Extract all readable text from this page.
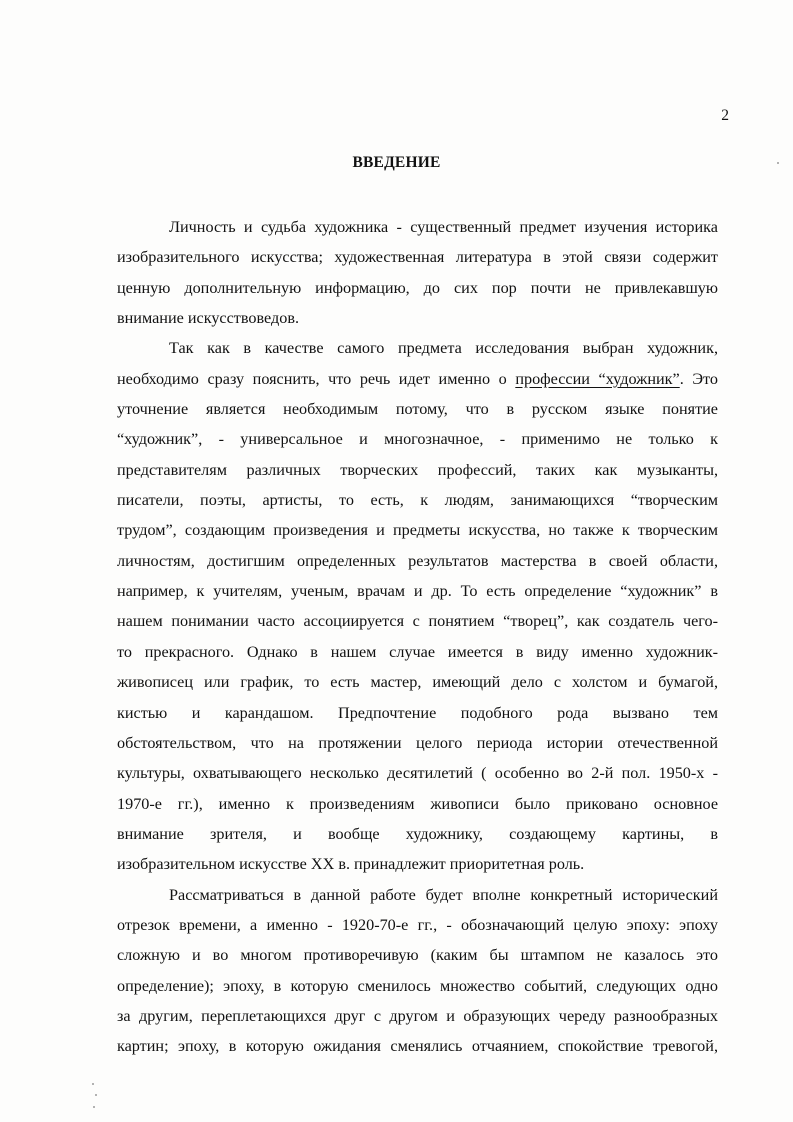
2
ВВЕДЕНИЕ
Личность и судьба художника - существенный предмет изучения историка
изобразительного искусства; художественная литература в этой связи содержит
ценную дополнительную информацию, до сих пор почти не привлекавшую
внимание искусствоведов.
Так как в качестве самого предмета исследования выбран художник,
необходимо сразу пояснить, что речь идет именно о профессии “художник”. Это
уточнение является необходимым потому, что в русском языке понятие
“художник”, - универсальное и многозначное, - применимо не только к
представителям различных творческих профессий, таких как музыканты,
писатели, поэты, артисты, то есть, к людям, занимающихся “творческим
трудом”, создающим произведения и предметы искусства, но также к творческим
личностям, достигшим определенных результатов мастерства в своей области,
например, к учителям, ученым, врачам и др. То есть определение “художник” в
нашем понимании часто ассоциируется с понятием “творец”, как создатель чего-
то прекрасного. Однако в нашем случае имеется в виду именно художник-
живописец или график, то есть мастер, имеющий дело с холстом и бумагой,
кистью и карандашом. Предпочтение подобного рода вызвано тем
обстоятельством, что на протяжении целого периода истории отечественной
культуры, охватывающего несколько десятилетий ( особенно во 2-й пол. 1950-х -
1970-е гг.), именно к произведениям живописи было приковано основное
внимание зрителя, и вообще художнику, создающему картины, в
изобразительном искусстве XX в. принадлежит приоритетная роль.
Рассматриваться в данной работе будет вполне конкретный исторический
отрезок времени, а именно - 1920-70-е гг., - обозначающий целую эпоху: эпоху
сложную и во многом противоречивую (каким бы штампом не казалось это
определение); эпоху, в которую сменилось множество событий, следующих одно
за другим, переплетающихся друг с другом и образующих череду разнообразных
картин; эпоху, в которую ожидания сменялись отчаянием, спокойствие тревогой,
